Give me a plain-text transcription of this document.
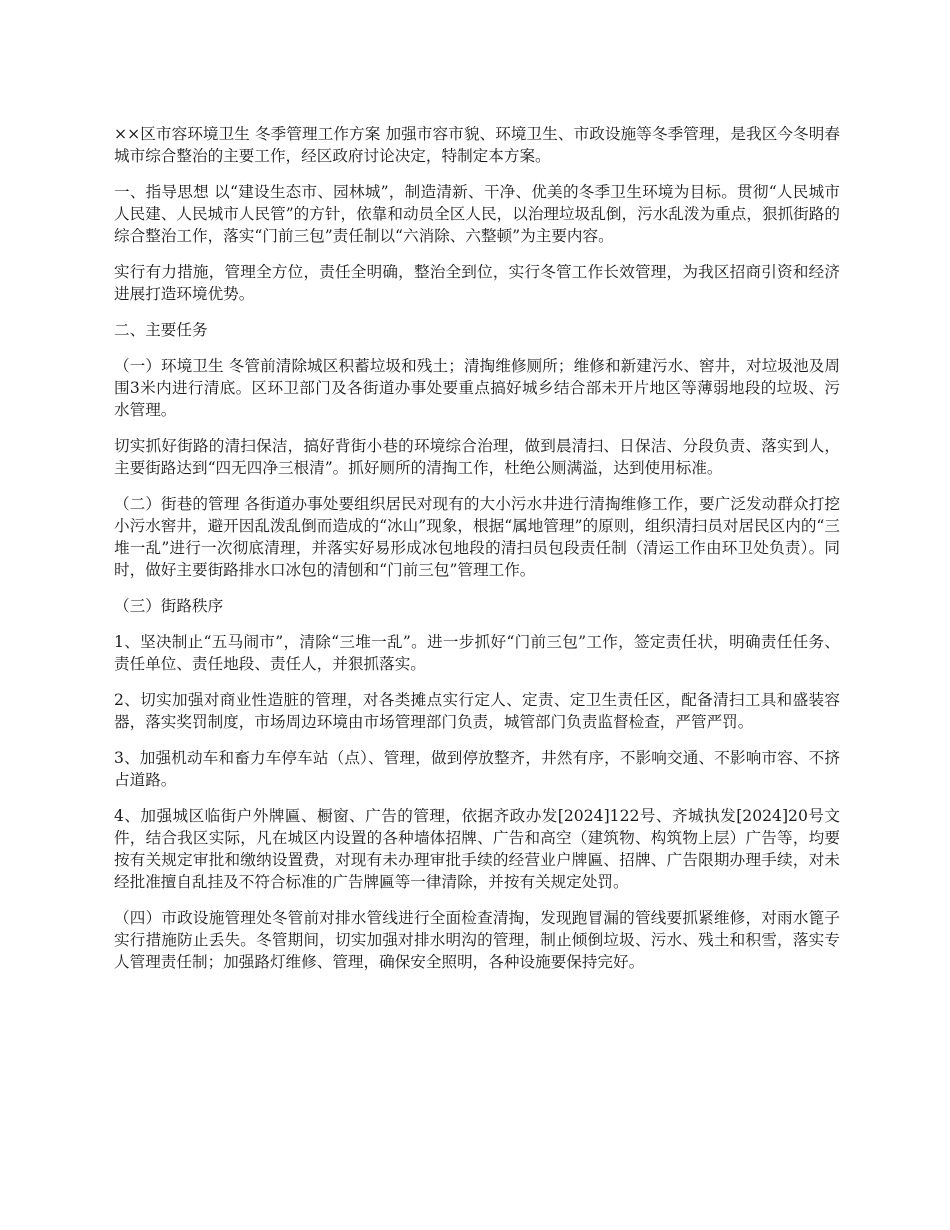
××区市容环境卫生 冬季管理工作方案 加强市容市貌、环境卫生、市政设施等冬季管理，是我区今冬明春城市综合整治的主要工作，经区政府讨论决定，特制定本方案。

一、指导思想 以“建设生态市、园林城”，制造清新、干净、优美的冬季卫生环境为目标。贯彻“人民城市人民建、人民城市人民管”的方针，依靠和动员全区人民，以治理垃圾乱倒，污水乱泼为重点，狠抓街路的综合整治工作，落实“门前三包”责任制以“六消除、六整顿”为主要内容。

实行有力措施，管理全方位，责任全明确，整治全到位，实行冬管工作长效管理，为我区招商引资和经济进展打造环境优势。

二、主要任务

（一）环境卫生 冬管前清除城区积蓄垃圾和残土；清掏维修厕所；维修和新建污水、窖井，对垃圾池及周围3米内进行清底。区环卫部门及各街道办事处要重点搞好城乡结合部未开片地区等薄弱地段的垃圾、污水管理。

切实抓好街路的清扫保洁，搞好背街小巷的环境综合治理，做到晨清扫、日保洁、分段负责、落实到人，主要街路达到“四无四净三根清”。抓好厕所的清掏工作，杜绝公厕满溢，达到使用标准。

（二）街巷的管理 各街道办事处要组织居民对现有的大小污水井进行清掏维修工作，要广泛发动群众打挖小污水窖井，避开因乱泼乱倒而造成的“冰山”现象，根据“属地管理”的原则，组织清扫员对居民区内的“三堆一乱”进行一次彻底清理，并落实好易形成冰包地段的清扫员包段责任制（清运工作由环卫处负责）。同时，做好主要街路排水口冰包的清刨和“门前三包”管理工作。

（三）街路秩序

1、坚决制止“五马闹市”，清除“三堆一乱”。进一步抓好“门前三包”工作，签定责任状，明确责任任务、责任单位、责任地段、责任人，并狠抓落实。

2、切实加强对商业性造脏的管理，对各类摊点实行定人、定责、定卫生责任区，配备清扫工具和盛装容器，落实奖罚制度，市场周边环境由市场管理部门负责，城管部门负责监督检查，严管严罚。

3、加强机动车和畜力车停车站（点）、管理，做到停放整齐，井然有序，不影响交通、不影响市容、不挤占道路。

4、加强城区临街户外牌匾、橱窗、广告的管理，依据齐政办发[2024]122号、齐城执发[2024]20号文件，结合我区实际，凡在城区内设置的各种墙体招牌、广告和高空（建筑物、构筑物上层）广告等，均要按有关规定审批和缴纳设置费，对现有未办理审批手续的经营业户牌匾、招牌、广告限期办理手续，对未经批准擅自乱挂及不符合标准的广告牌匾等一律清除，并按有关规定处罚。

（四）市政设施管理处冬管前对排水管线进行全面检查清掏，发现跑冒漏的管线要抓紧维修，对雨水篦子实行措施防止丢失。冬管期间，切实加强对排水明沟的管理，制止倾倒垃圾、污水、残土和积雪，落实专人管理责任制；加强路灯维修、管理，确保安全照明，各种设施要保持完好。
